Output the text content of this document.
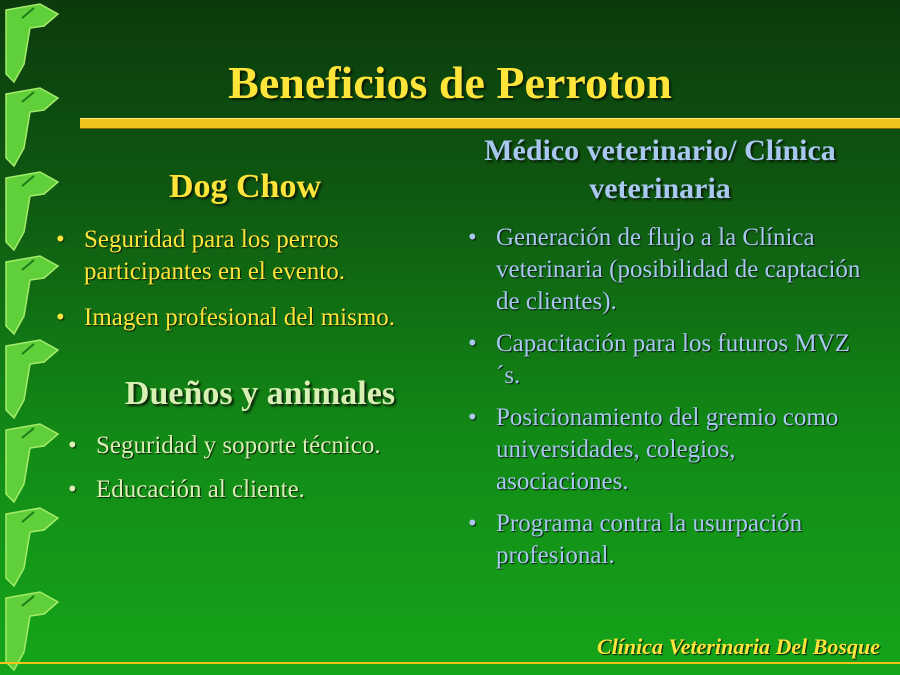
Beneficios de Perroton
Dog Chow
• Seguridad para los perros participantes en el evento.
• Imagen profesional del mismo.
Dueños y animales
• Seguridad y soporte técnico.
• Educación al cliente.
Médico veterinario/ Clínica veterinaria
• Generación de flujo a la Clínica veterinaria (posibilidad de captación de clientes).
• Capacitación para los futuros MVZ´s.
• Posicionamiento del gremio como universidades, colegios, asociaciones.
• Programa contra la usurpación profesional.
Clínica Veterinaria Del Bosque
